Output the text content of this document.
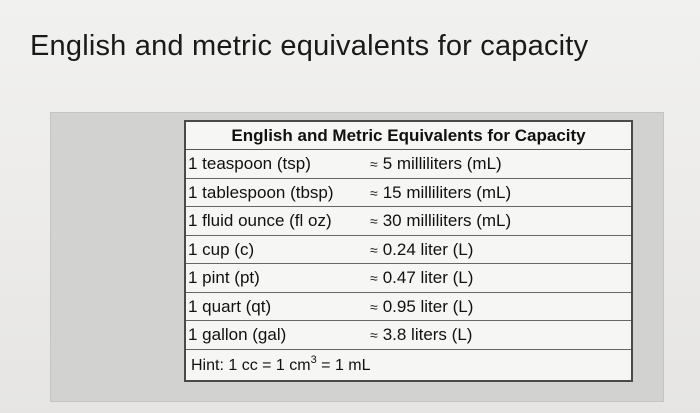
English and metric equivalents for capacity
English and Metric Equivalents for Capacity
1 teaspoon (tsp)	≈ 5 milliliters (mL)
1 tablespoon (tbsp)	≈ 15 milliliters (mL)
1 fluid ounce (fl oz)	≈ 30 milliliters (mL)
1 cup (c)	≈ 0.24 liter (L)
1 pint (pt)	≈ 0.47 liter (L)
1 quart (qt)	≈ 0.95 liter (L)
1 gallon (gal)	≈ 3.8 liters (L)
Hint: 1 cc = 1 $cm^3 = 1$ mL
